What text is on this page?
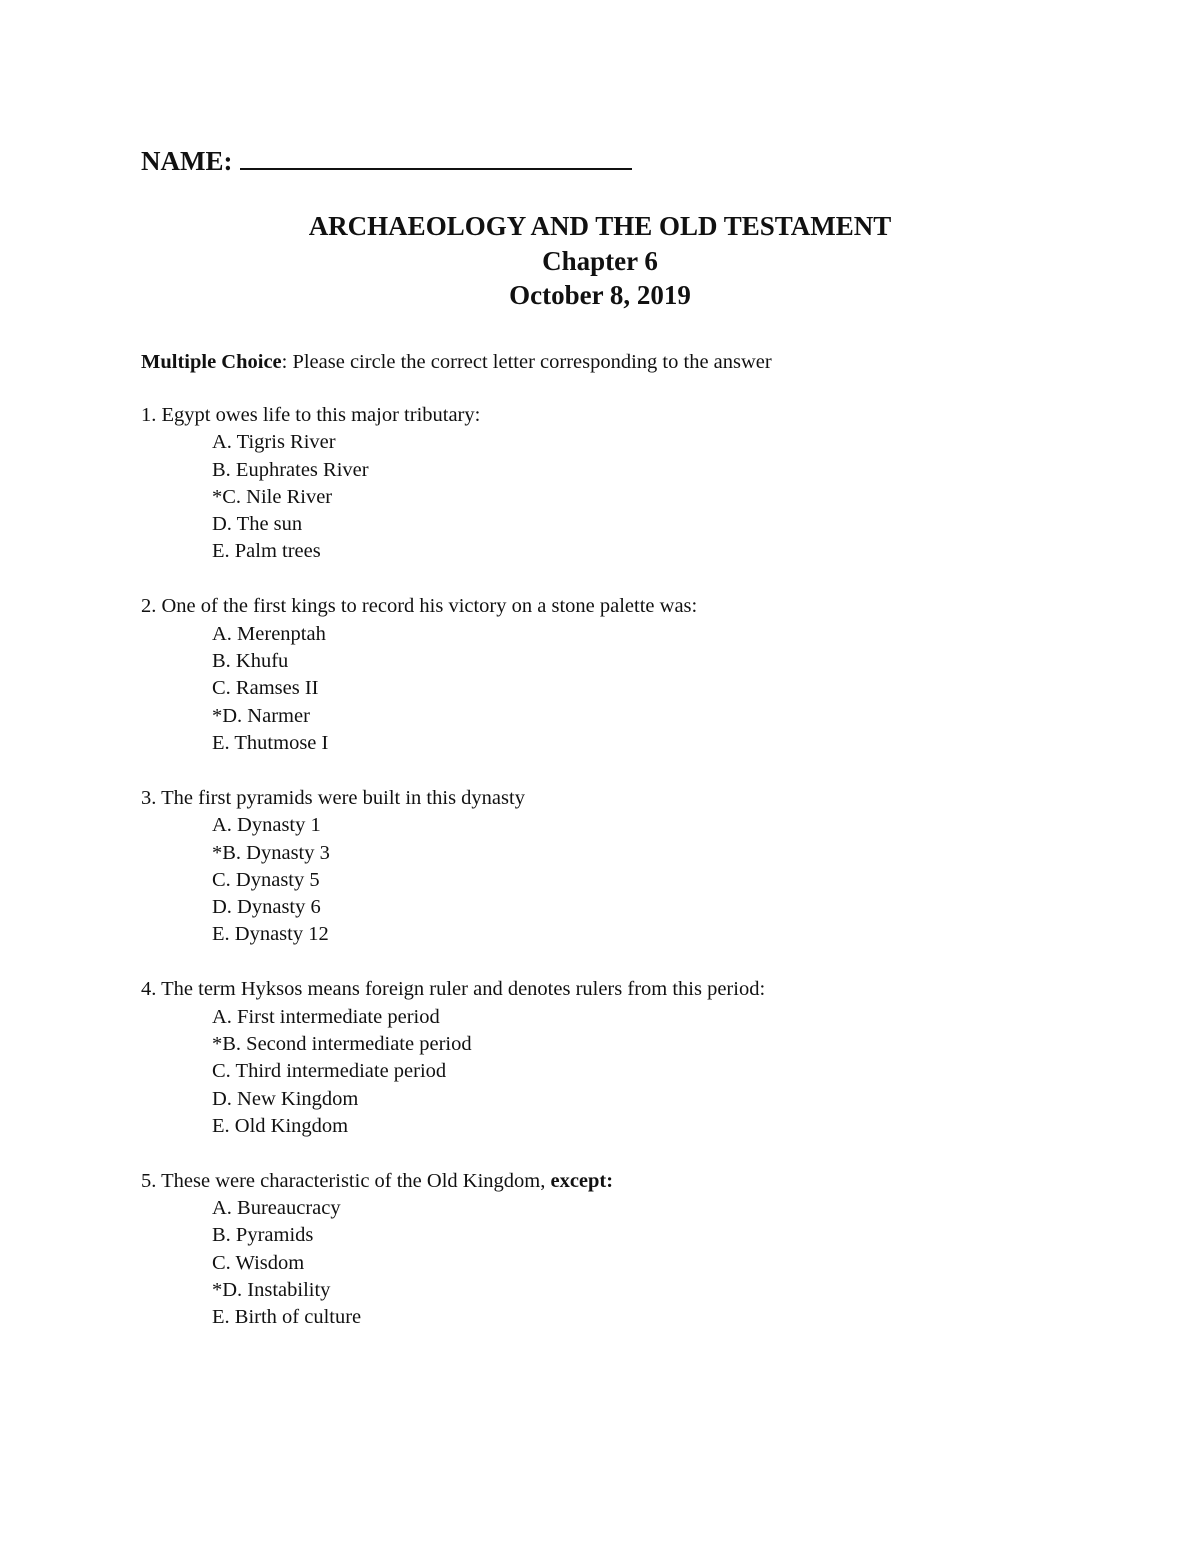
NAME:
ARCHAEOLOGY AND THE OLD TESTAMENT
Chapter 6
October 8, 2019
Multiple Choice: Please circle the correct letter corresponding to the answer
1. Egypt owes life to this major tributary:
A. Tigris River
B. Euphrates River
*C. Nile River
D. The sun
E. Palm trees
2. One of the first kings to record his victory on a stone palette was:
A. Merenptah
B. Khufu
C. Ramses II
*D. Narmer
E. Thutmose I
3. The first pyramids were built in this dynasty
A. Dynasty 1
*B. Dynasty 3
C. Dynasty 5
D. Dynasty 6
E. Dynasty 12
4. The term Hyksos means foreign ruler and denotes rulers from this period:
A. First intermediate period
*B. Second intermediate period
C. Third intermediate period
D. New Kingdom
E. Old Kingdom
5. These were characteristic of the Old Kingdom, except:
A. Bureaucracy
B. Pyramids
C. Wisdom
*D. Instability
E. Birth of culture
